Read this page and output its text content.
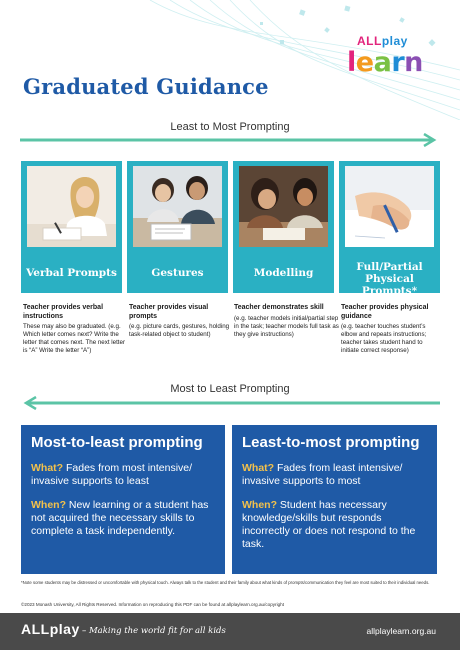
ALLplay
learn
Graduated Guidance
Least to Most Prompting
Verbal Prompts	Gestures	Modelling	Full/Partial Physical Prompts*
Teacher provides verbal instructions
These may also be graduated. (e.g. Which letter comes next? Write the letter that comes next. The next letter is “A” Write the letter “A”)
Teacher provides visual prompts
(e.g. picture cards, gestures, holding task-related object to student)
Teacher demonstrates skill
(e.g. teacher models initial/partial step in the task; teacher models full task as they give instructions)
Teacher provides physical guidance
(e.g. teacher touches student’s elbow and repeats instructions; teacher takes student hand to initiate correct response)
Most to Least Prompting
Most-to-least prompting

What? Fades from most intensive/ invasive supports to least

When? New learning or a student has not acquired the necessary skills to complete a task independently.

Least-to-most prompting

What? Fades from least intensive/ invasive supports to most

When? Student has necessary knowledge/skills but responds incorrectly or does not respond to the task.

*Note some students may be distressed or uncomfortable with physical touch. Always talk to the student and their family about what kinds of prompts/communication they feel are most suited to their individual needs.
©2023 Monash University, All Rights Reserved. Information on reproducing this PDF can be found at allplaylearn.org.au/copyright
ALLplay – Making the world fit for all kids	allplaylearn.org.au
